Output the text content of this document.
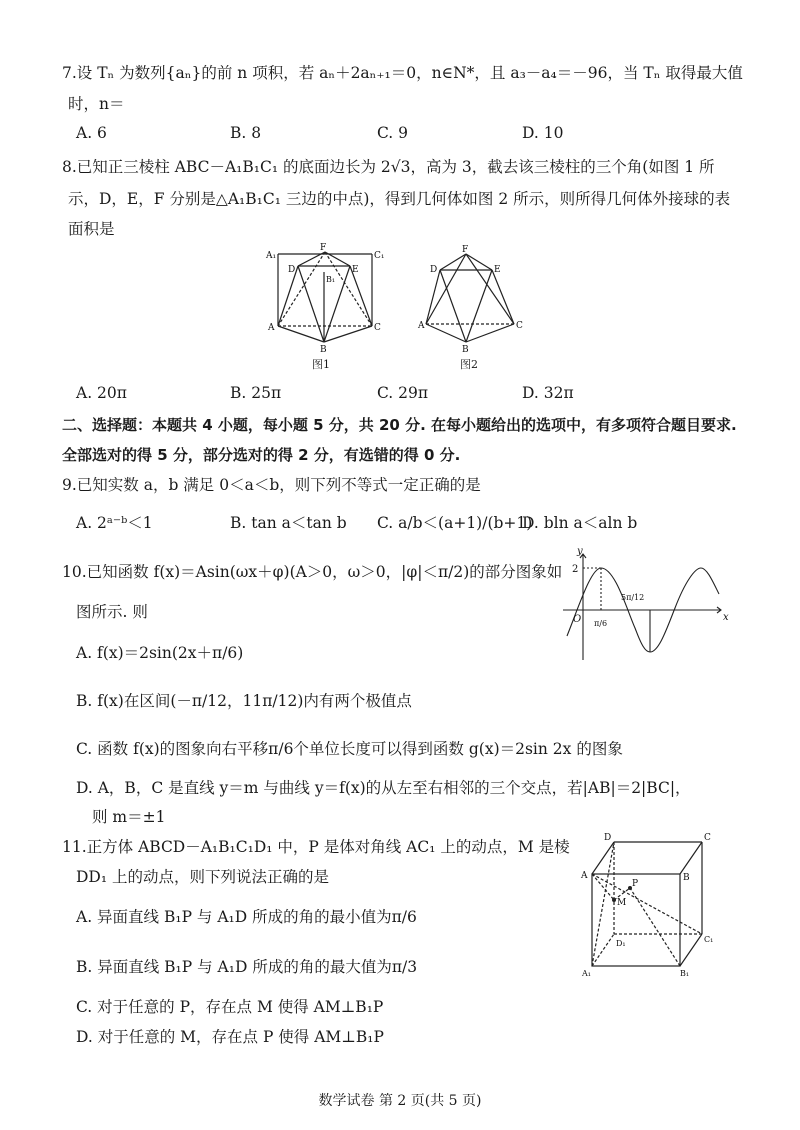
7.设 Tₙ 为数列{aₙ}的前 n 项积，若 aₙ＋2aₙ₊₁＝0，n∈N*，且 a₃－a₄＝－96，当 Tₙ 取得最大值
时，n＝
A. 6	B. 8	C. 9	D. 10
8.已知正三棱柱 ABC－A₁B₁C₁ 的底面边长为 2√3，高为 3，截去该三棱柱的三个角(如图 1 所
示，D，E，F 分别是△A₁B₁C₁ 三边的中点)，得到几何体如图 2 所示，则所得几何体外接球的表
面积是
A₁
F
C₁
D	E
B₁
A	C
B
图1
F
D	E
A	C
B
图2
A. 20π	B. 25π	C. 29π	D. 32π
二、选择题：本题共 4 小题，每小题 5 分，共 20 分. 在每小题给出的选项中，有多项符合题目要求.
全部选对的得 5 分，部分选对的得 2 分，有选错的得 0 分.
9.已知实数 a，b 满足 0＜a＜b，则下列不等式一定正确的是
A. 2ᵃ⁻ᵇ＜1	B. tan a＜tan b C. a/b＜(a+1)/(b+1)
D. bln a＜aln b
10.已知函数 f(x)＝Asin(ωx＋φ)(A＞0，ω＞0，|φ|＜π/2)的部分图象如
图所示. 则
A. f(x)＝2sin(2x＋π/6)
B. f(x)在区间(－π/12，11π/12)内有两个极值点
C. 函数 f(x)的图象向右平移π/6个单位长度可以得到函数 g(x)＝2sin 2x 的图象
D. A，B，C 是直线 y＝m 与曲线 y＝f(x)的从左至右相邻的三个交点，若|AB|＝2|BC|，
则 m＝±1
y
x
O
2
π/6
5π/12
11.正方体 ABCD－A₁B₁C₁D₁ 中，P 是体对角线 AC₁ 上的动点，M 是棱
DD₁ 上的动点，则下列说法正确的是
A. 异面直线 B₁P 与 A₁D 所成的角的最小值为π/6
B. 异面直线 B₁P 与 A₁D 所成的角的最大值为π/3
C. 对于任意的 P，存在点 M 使得 AM⊥B₁P
D. 对于任意的 M，存在点 P 使得 AM⊥B₁P
D	C
A	B
P
M
D₁	C₁
A₁	B₁
数学试卷 第 2 页(共 5 页)
